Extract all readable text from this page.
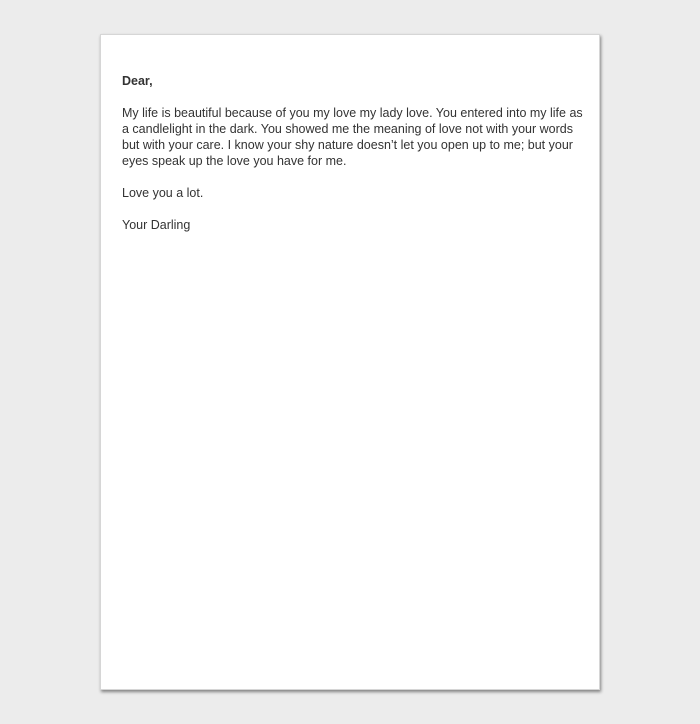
Dear,

My life is beautiful because of you my love my lady love. You entered into my life as a candlelight in the dark. You showed me the meaning of love not with your words but with your care. I know your shy nature doesn’t let you open up to me; but your eyes speak up the love you have for me.

Love you a lot.

Your Darling
